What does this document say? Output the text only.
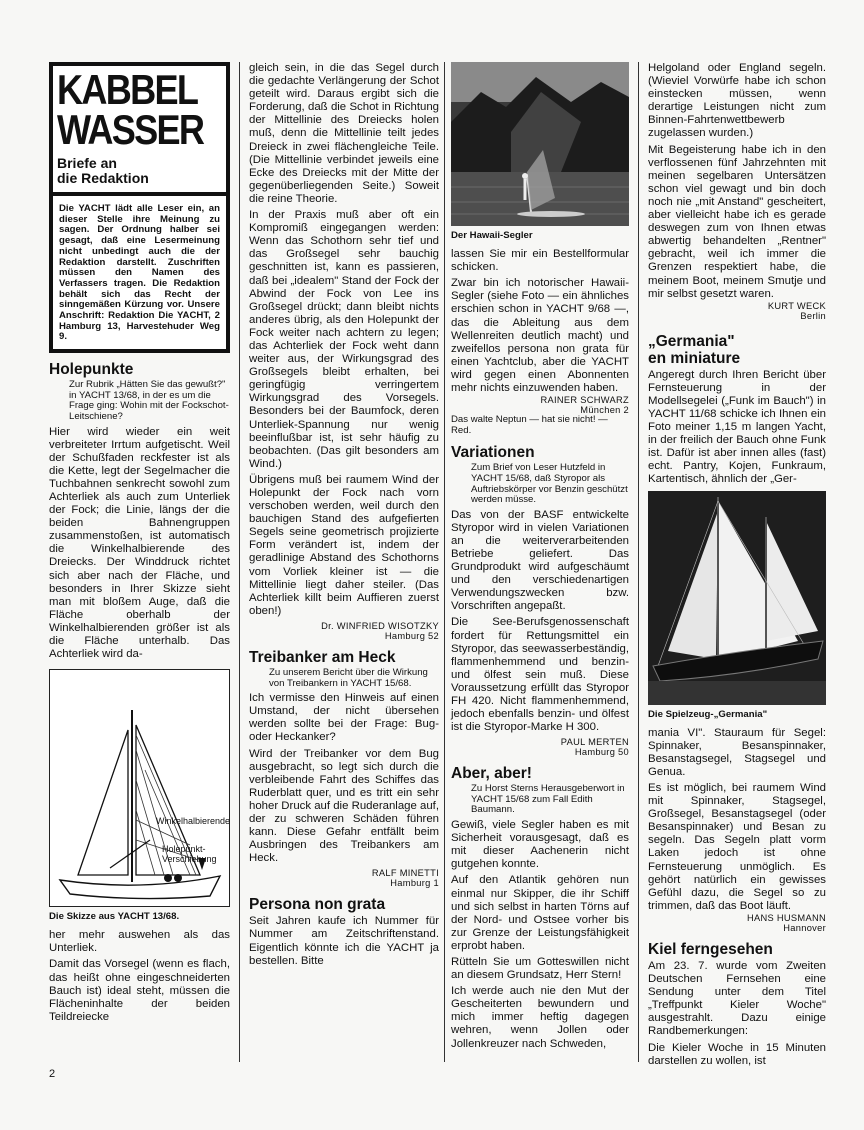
KABBEL
WASSER
Briefe an
die Redaktion
Die YACHT lädt alle Leser ein, an dieser Stelle ihre Meinung zu sagen. Der Ordnung halber sei gesagt, daß eine Lesermeinung nicht unbedingt auch die der Redaktion darstellt. Zuschriften müssen den Namen des Verfassers tragen. Die Redaktion behält sich das Recht der sinngemäßen Kürzung vor. Unsere Anschrift: Redaktion Die YACHT, 2 Hamburg 13, Harvestehuder Weg 9.
Holepunkte
Zur Rubrik „Hätten Sie das gewußt?" in YACHT 13/68, in der es um die Frage ging: Wohin mit der Fockschot-Leitschiene?

Hier wird wieder ein weit verbreiteter Irrtum aufgetischt. Weil der Schußfaden reckfester ist als die Kette, legt der Segelmacher die Tuchbahnen senkrecht sowohl zum Achterliek als auch zum Unterliek der Fock; die Linie, längs der die beiden Bahnengruppen zusammenstoßen, ist automatisch die Winkelhalbierende des Dreiecks. Der Winddruck richtet sich aber nach der Fläche, und besonders in Ihrer Skizze sieht man mit bloßem Auge, daß die Fläche oberhalb der Winkelhalbierenden größer ist als die Fläche unterhalb. Das Achterliek wird da-

Winkelhalbierende
Holepunkt-Verschiebung
Die Skizze aus YACHT 13/68.

her mehr auswehen als das Unterliek.

Damit das Vorsegel (wenn es flach, das heißt ohne eingeschneiderten Bauch ist) ideal steht, müssen die Flächeninhalte der beiden Teildreiecke

gleich sein, in die das Segel durch die gedachte Verlängerung der Schot geteilt wird. Daraus ergibt sich die Forderung, daß die Schot in Richtung der Mittellinie des Dreiecks holen muß, denn die Mittellinie teilt jedes Dreieck in zwei flächengleiche Teile. (Die Mittellinie verbindet jeweils eine Ecke des Dreiecks mit der Mitte der gegenüberliegenden Seite.) Soweit die reine Theorie.

In der Praxis muß aber oft ein Kompromiß eingegangen werden: Wenn das Schothorn sehr tief und das Großsegel sehr bauchig geschnitten ist, kann es passieren, daß bei „idealem" Stand der Fock der Abwind der Fock von Lee ins Großsegel drückt; dann bleibt nichts anderes übrig, als den Holepunkt der Fock weiter nach achtern zu legen; das Achterliek der Fock weht dann weiter aus, der Wirkungsgrad des Großsegels bleibt erhalten, bei geringfügig verringertem Wirkungsgrad des Vorsegels. Besonders bei der Baumfock, deren Unterliek-Spannung nur wenig beeinflußbar ist, ist sehr häufig zu beobachten. (Das gilt besonders am Wind.)

Übrigens muß bei raumem Wind der Holepunkt der Fock nach vorn verschoben werden, weil durch den bauchigen Stand des aufgefierten Segels seine geometrisch projizierte Form verändert ist, indem der geradlinige Abstand des Schothorns vom Vorliek kleiner ist — die Mittellinie liegt daher steiler. (Das Achterliek killt beim Auffieren zuerst oben!)

Dr. WINFRIED WISOTZKY
Hamburg 52
Treibanker am Heck
Zu unserem Bericht über die Wirkung von Treibankern in YACHT 15/68.

Ich vermisse den Hinweis auf einen Umstand, der nicht übersehen werden sollte bei der Frage: Bug- oder Heckanker?

Wird der Treibanker vor dem Bug ausgebracht, so legt sich durch die verbleibende Fahrt des Schiffes das Ruderblatt quer, und es tritt ein sehr hoher Druck auf die Ruderanlage auf, der zu schweren Schäden führen kann. Diese Gefahr entfällt beim Ausbringen des Treibankers am Heck.

RALF MINETTI
Hamburg 1
Persona non grata

Seit Jahren kaufe ich Nummer für Nummer am Zeitschriftenstand. Eigentlich könnte ich die YACHT ja bestellen. Bitte

Der Hawaii-Segler

lassen Sie mir ein Bestellformular schicken.

Zwar bin ich notorischer Hawaii-Segler (siehe Foto — ein ähnliches erschien schon in YACHT 9/68 —, das die Ableitung aus dem Wellenreiten deutlich macht) und zweifellos persona non grata für einen Yachtclub, aber die YACHT wird gegen einen Abonnenten mehr nichts einzuwenden haben.

RAINER SCHWARZ
München 2
Das walte Neptun — hat sie nicht! — Red.
Variationen
Zum Brief von Leser Hutzfeld in YACHT 15/68, daß Styropor als Auftriebskörper vor Benzin geschützt werden müsse.

Das von der BASF entwickelte Styropor wird in vielen Variationen an die weiterverarbeitenden Betriebe geliefert. Das Grundprodukt wird aufgeschäumt und den verschiedenartigen Verwendungszwecken bzw. Vorschriften angepaßt.

Die See-Berufsgenossenschaft fordert für Rettungsmittel ein Styropor, das seewasserbeständig, flammenhemmend und benzin- und ölfest sein muß. Diese Voraussetzung erfüllt das Styropor FH 420. Nicht flammenhemmend, jedoch ebenfalls benzin- und ölfest ist die Styropor-Marke H 300.

PAUL MERTEN
Hamburg 50
Aber, aber!
Zu Horst Sterns Herausgeberwort in YACHT 15/68 zum Fall Edith Baumann.

Gewiß, viele Segler haben es mit Sicherheit vorausgesagt, daß es mit dieser Aachenerin nicht gutgehen konnte.

Auf den Atlantik gehören nun einmal nur Skipper, die ihr Schiff und sich selbst in harten Törns auf der Nord- und Ostsee vorher bis zur Grenze der Leistungsfähigkeit erprobt haben.

Rütteln Sie um Gotteswillen nicht an diesem Grundsatz, Herr Stern!

Ich werde auch nie den Mut der Gescheiterten bewundern und mich immer heftig dagegen wehren, wenn Jollen oder Jollenkreuzer nach Schweden,

Helgoland oder England segeln. (Wieviel Vorwürfe habe ich schon einstecken müssen, wenn derartige Leistungen nicht zum Binnen-Fahrtenwettbewerb zugelassen wurden.)

Mit Begeisterung habe ich in den verflossenen fünf Jahrzehnten mit meinen segelbaren Untersätzen schon viel gewagt und bin doch noch nie „mit Anstand" gescheitert, aber vielleicht habe ich es gerade deswegen zum von Ihnen etwas abwertig behandelten „Rentner" gebracht, weil ich immer die Grenzen respektiert habe, die meinem Boot, meinem Smutje und mir selbst gesetzt waren.

KURT WECK
Berlin
„Germania"
en miniature

Angeregt durch Ihren Bericht über Fernsteuerung in der Modellsegelei („Funk im Bauch") in YACHT 11/68 schicke ich Ihnen ein Foto meiner 1,15 m langen Yacht, in der freilich der Bauch ohne Funk ist. Dafür ist aber innen alles (fast) echt. Pantry, Kojen, Funkraum, Kartentisch, ähnlich der „Ger-

Die Spielzeug-„Germania"

mania VI". Stauraum für Segel: Spinnaker, Besanspinnaker, Besanstagsegel, Stagsegel und Genua.

Es ist möglich, bei raumem Wind mit Spinnaker, Stagsegel, Großsegel, Besanstagsegel (oder Besanspinnaker) und Besan zu segeln. Das Segeln platt vorm Laken jedoch ist ohne Fernsteuerung unmöglich. Es gehört natürlich ein gewisses Gefühl dazu, die Segel so zu trimmen, daß das Boot läuft.

HANS HUSMANN
Hannover
Kiel ferngesehen

Am 23. 7. wurde vom Zweiten Deutschen Fernsehen eine Sendung unter dem Titel „Treffpunkt Kieler Woche" ausgestrahlt. Dazu einige Randbemerkungen:

Die Kieler Woche in 15 Minuten darstellen zu wollen, ist

2
